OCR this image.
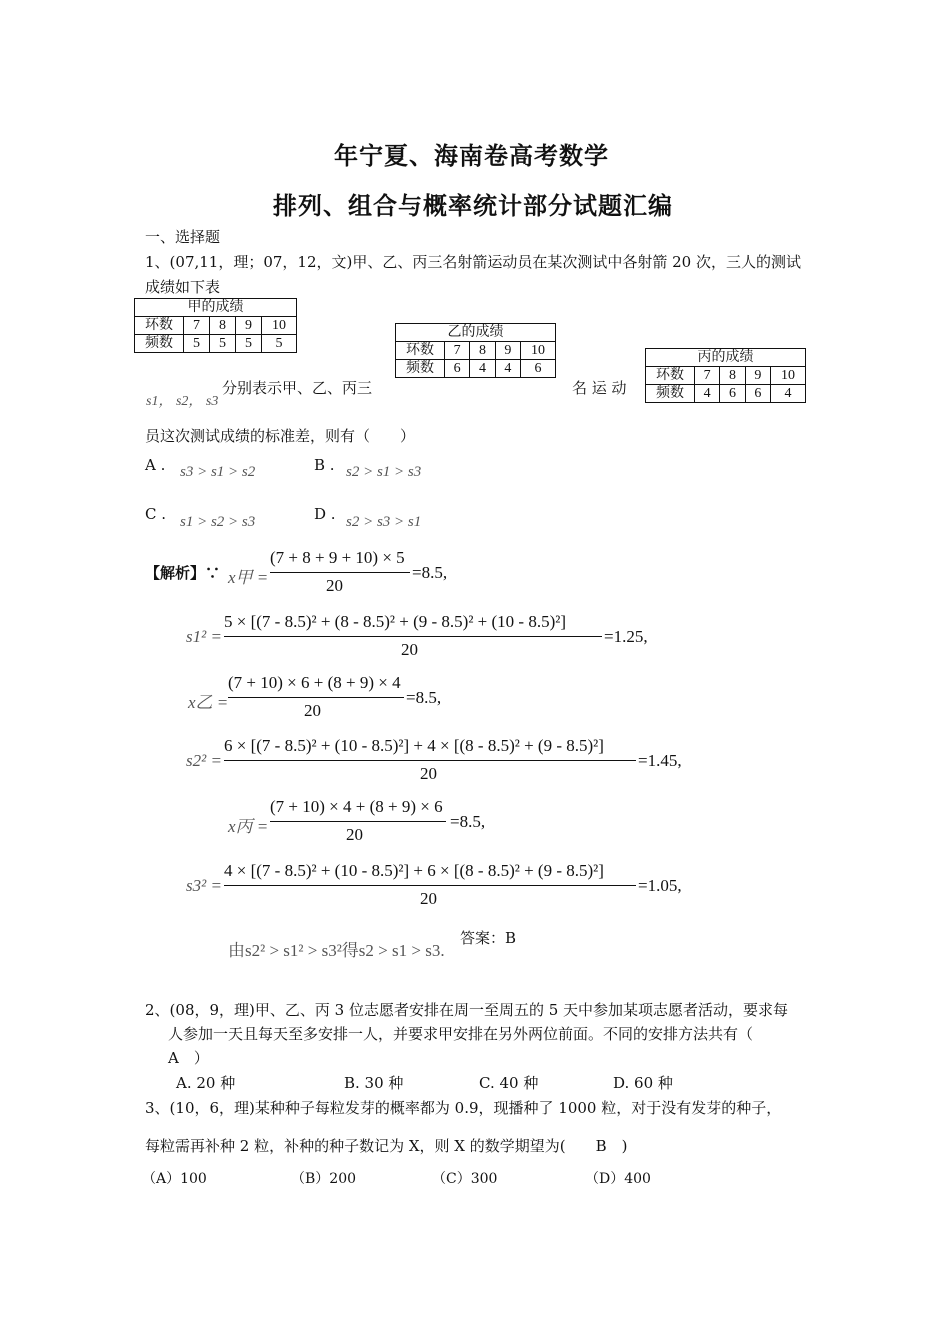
年宁夏、海南卷高考数学
排列、组合与概率统计部分试题汇编
一、选择题
1、(07,11，理；07，12，文)甲、乙、丙三名射箭运动员在某次测试中各射箭 20 次，三人的测试
成绩如下表
甲的成绩				
环数	7	8	9	10
频数	5	5	5	5
乙的成绩				
环数	7	8	9	10
频数	6	4	4	6
丙的成绩				
环数	7	8	9	10
频数	4	6	6	4
s1， s2， s3
分别表示甲、乙、丙三	名 运 动
员这次测试成绩的标准差，则有（　　）
A . s3 > s1 > s2	B . s2 > s1 > s3
C . s1 > s2 > s3	D . s2 > s3 > s1
【解析】∵ x甲 =
(7 + 8 + 9 + 10) × 5
20
=8.5,
s1² =
5 × [(7 - 8.5)² + (8 - 8.5)² + (9 - 8.5)² + (10 - 8.5)²]
20
=1.25,
x乙 =
(7 + 10) × 6 + (8 + 9) × 4
20
=8.5,
s2² =
6 × [(7 - 8.5)² + (10 - 8.5)²] + 4 × [(8 - 8.5)² + (9 - 8.5)²]
20
=1.45,
x丙 =
(7 + 10) × 4 + (8 + 9) × 6
20
=8.5,
s3² =
4 × [(7 - 8.5)² + (10 - 8.5)²] + 6 × [(8 - 8.5)² + (9 - 8.5)²]
20
=1.05,
由s2² > s1² > s3²得s2 > s1 > s3.
答案：B
2、(08，9，理)甲、乙、丙 3 位志愿者安排在周一至周五的 5 天中参加某项志愿者活动，要求每
人参加一天且每天至多安排一人，并要求甲安排在另外两位前面。不同的安排方法共有（
A　）
A. 20 种	B. 30 种	C. 40 种	D. 60 种
3、(10，6，理)某种种子每粒发芽的概率都为 0.9，现播种了 1000 粒，对于没有发芽的种子，
每粒需再补种 2 粒，补种的种子数记为 X，则 X 的数学期望为(　　B　)
（A）100	（B）200	（C）300	（D）400
